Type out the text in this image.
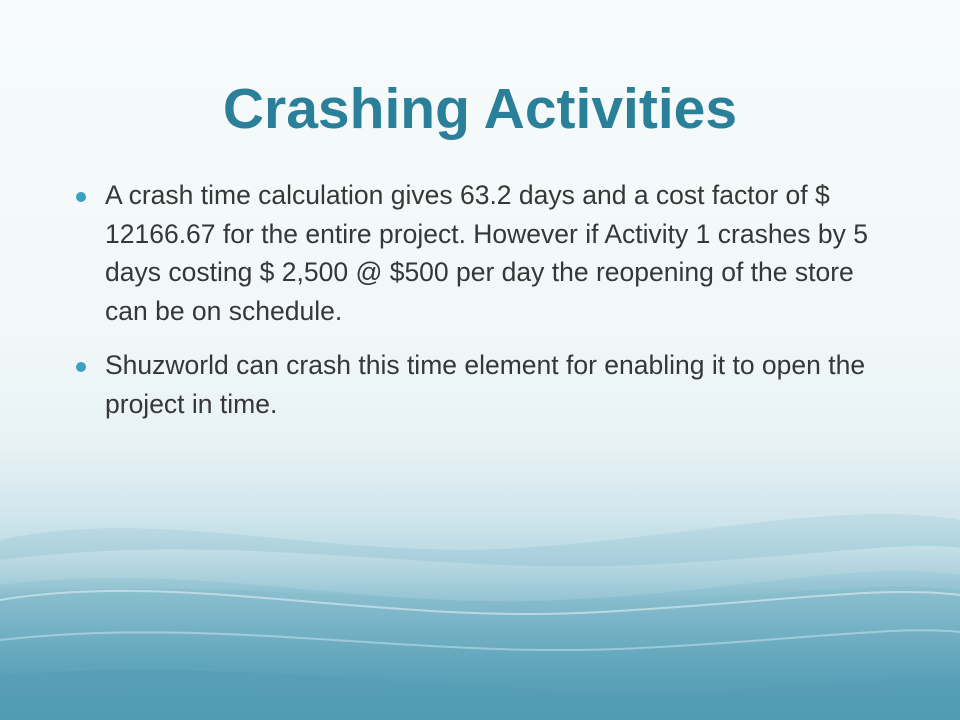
Crashing Activities
A crash time calculation gives 63.2 days and a cost factor of $ 12166.67 for the entire project. However if Activity 1 crashes by 5 days costing $ 2,500 @ $500 per day the reopening of the store can be on schedule.
Shuzworld can crash this time element for enabling it to open the project in time.
